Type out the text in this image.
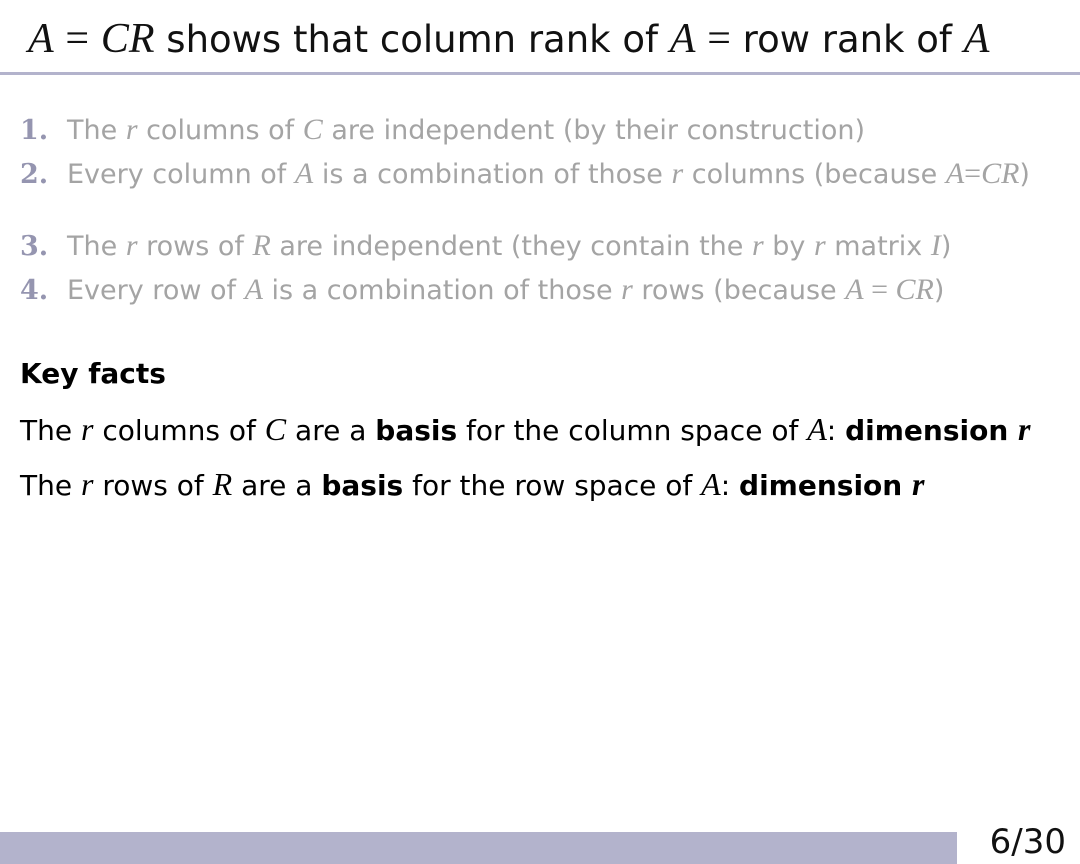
A = CR shows that column rank of A = row rank of A
1. The r columns of C are independent (by their construction)
2. Every column of A is a combination of those r columns (because A=CR)
3. The r rows of R are independent (they contain the r by r matrix I)
4. Every row of A is a combination of those r rows (because A = CR)
Key facts
The r columns of C are a basis for the column space of A: dimension r
The r rows of R are a basis for the row space of A: dimension r
6/30
